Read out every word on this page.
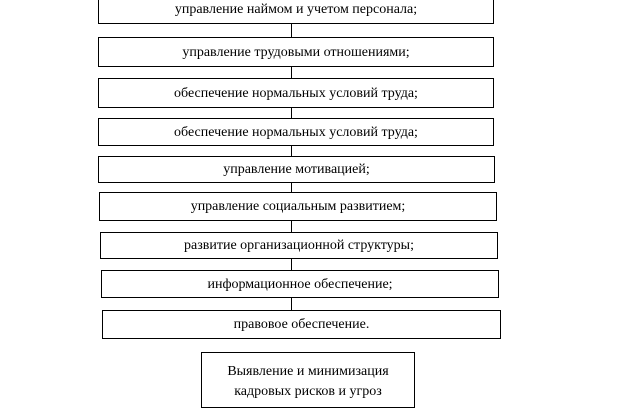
управление наймом и учетом персонала;
управление трудовыми отношениями;
обеспечение нормальных условий труда;
обеспечение нормальных условий труда;
управление мотивацией;
управление социальным развитием;
развитие организационной структуры;
информационное обеспечение;
правовое обеспечение.
Выявление и минимизация
кадровых рисков и угроз
